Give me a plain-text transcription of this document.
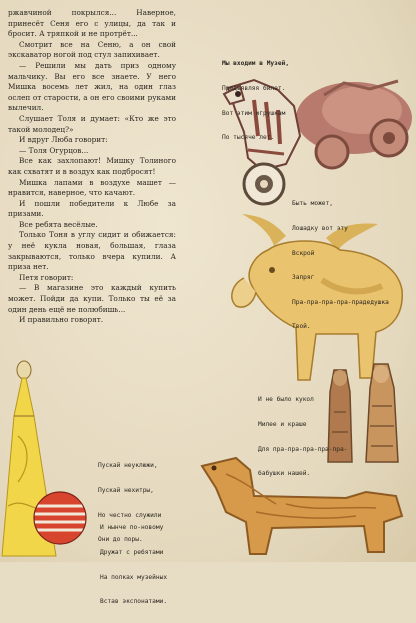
ржавчиной покрылся... Наверное, принесёт Сеня его с улицы, да так и бросит. А тряпкой и не протрёт...

Смотрит все на Сеню, а он свой экскаватор ногой под стул запихивает.

— Решили мы дать приз одному мальчику. Вы его все знаете. У него Мишка восемь лет жил, на один глаз ослеп от старости, а он его своими руками вылечил.

Слушает Толя и думает: «Кто же это такой молодец?»

И вдруг Люба говорит:

— Толя Огурцов...

Все как захлопают! Мишку Толиного как схватят и в воздух как подбросят!

Мишка лапами в воздухе машет — нравится, наверное, что качают.

И пошли победители к Любе за призами.

Все ребята весёлые.

Только Тоня в углу сидит и обижается: у неё кукла новая, большая, глаза закрываются, только вчера купили. А приза нет.

Петя говорит:

— В магазине это каждый купить может. Пойди да купи. Только ты её за один день ещё не полюбишь...

И правильно говорят.

Мы входим в Музей,

Предъявляя билет.

Вот этим игрушкам

По тысяче лет.

Быть может,

Лошадку вот эту

Вскрой

Запряг

Пра-пра-пра-пра-прадедушка

Твой.

И не было кукол

Милее и краше

Для пра-пра-пра-пра-пра-

бабушки нашей.

Пускай неуклюжи,

Пускай нехитры,

Но честно служили

Они до поры.

И нынче по-новому

Дружат с ребятами

На полках музейных

Встав экспонатами.
